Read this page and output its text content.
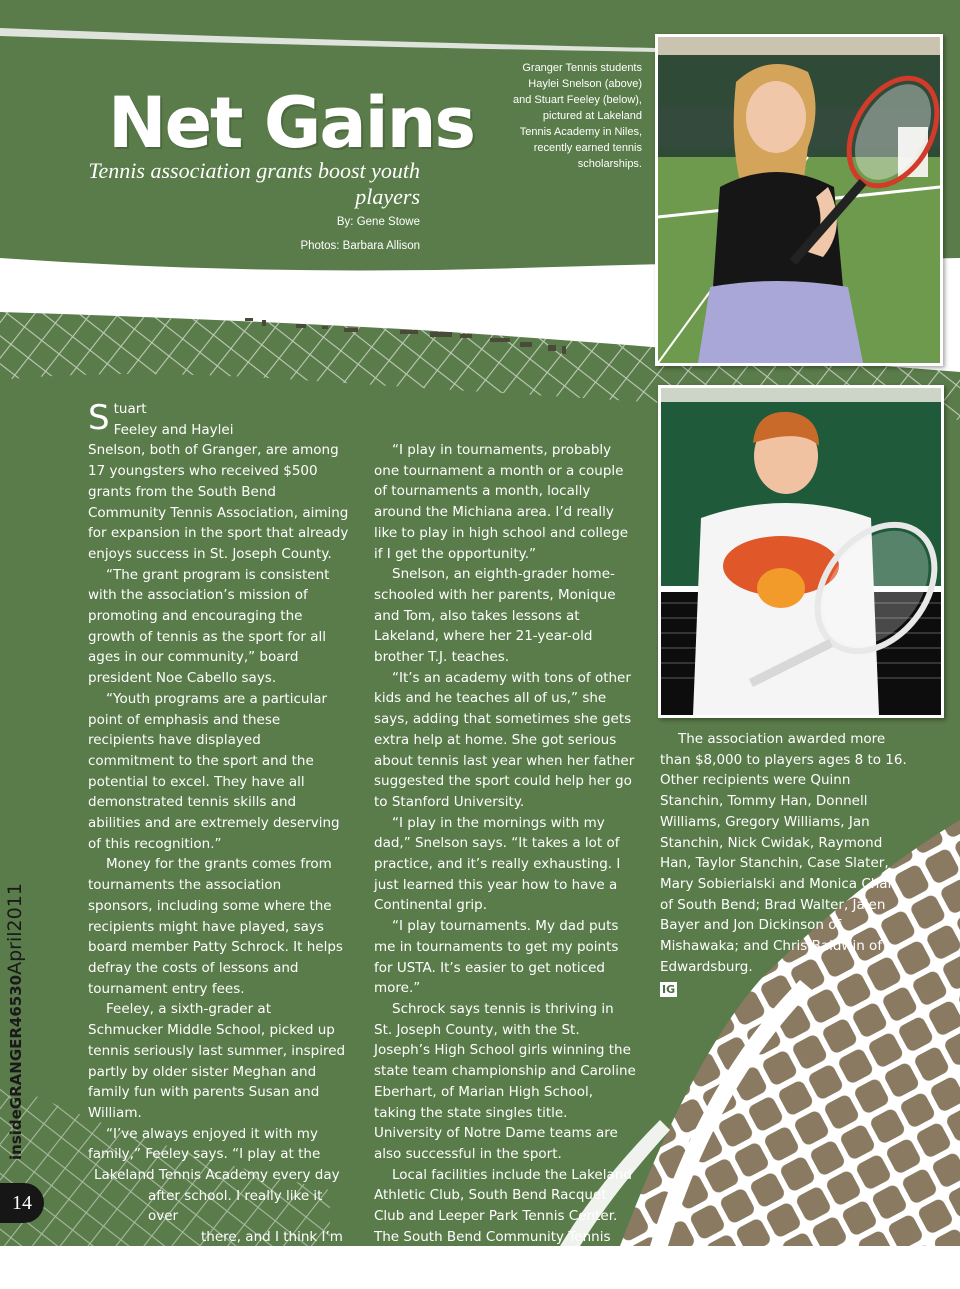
Net Gains

Tennis association grants boost youth players

By: Gene Stowe
Photos: Barbara Allison
Granger Tennis students
Haylei Snelson (above)
and Stuart Feeley (below),
pictured at Lakeland
Tennis Academy in Niles,
recently earned tennis
scholarships.

S tuart
Feeley and Haylei

Snelson, both of Granger, are among 17 youngsters who received $500 grants from the South Bend Community Tennis Association, aiming for expansion in the sport that already enjoys success in St. Joseph County.

“The grant program is consistent with the association’s mission of promoting and encouraging the growth of tennis as the sport for all ages in our community,” board president Noe Cabello says.

“Youth programs are a particular point of emphasis and these recipients have displayed commitment to the sport and the potential to excel. They have all demonstrated tennis skills and abilities and are extremely deserving of this recognition.”

Money for the grants comes from tournaments the association sponsors, including some where the recipients might have played, says board member Patty Schrock. It helps defray the costs of lessons and tournament entry fees.

Feeley, a sixth-grader at Schmucker Middle School, picked up tennis seriously last summer, inspired partly by older sister Meghan and family fun with parents Susan and William.

“I’ve always enjoyed it with my
family,” Feeley says. “I play at the
Lakeland Tennis Academy every day
after school. I really like it over
there, and I think I’m
getting a lot
better.

“I play in tournaments, probably one tournament a month or a couple of tournaments a month, locally around the Michiana area. I’d really like to play in high school and college if I get the opportunity.”

Snelson, an eighth-grader home-schooled with her parents, Monique and Tom, also takes lessons at Lakeland, where her 21-year-old brother T.J. teaches.

“It’s an academy with tons of other kids and he teaches all of us,” she says, adding that sometimes she gets extra help at home. She got serious about tennis last year when her father suggested the sport could help her go to Stanford University.

“I play in the mornings with my dad,” Snelson says. “It takes a lot of practice, and it’s really exhausting. I just learned this year how to have a Continental grip.

“I play tournaments. My dad puts me in tournaments to get my points for USTA. It’s easier to get noticed more.”

Schrock says tennis is thriving in St. Joseph County, with the St. Joseph’s High School girls winning the state team championship and Caroline Eberhart, of Marian High School, taking the state singles title. University of Notre Dame teams are also successful in the sport.

Local facilities include the Lakeland Athletic Club, South Bend Racquet Club and Leeper Park Tennis Center. The South Bend Community Tennis Association is online at www.southbendtennis.org.

The association awarded more than $8,000 to players ages 8 to 16. Other recipients were Quinn Stanchin, Tommy Han, Donnell Williams, Gregory Williams, Jan Stanchin, Nick Cwidak, Raymond Han, Taylor Stanchin, Case Slater, Mary Sobierialski and Monica Chan of South Bend; Brad Walter, Jalen Bayer and Jon Dickinson of Mishawaka; and Chris Baldwin of Edwardsburg.

IG

insideGRANGER46530April2011
14
